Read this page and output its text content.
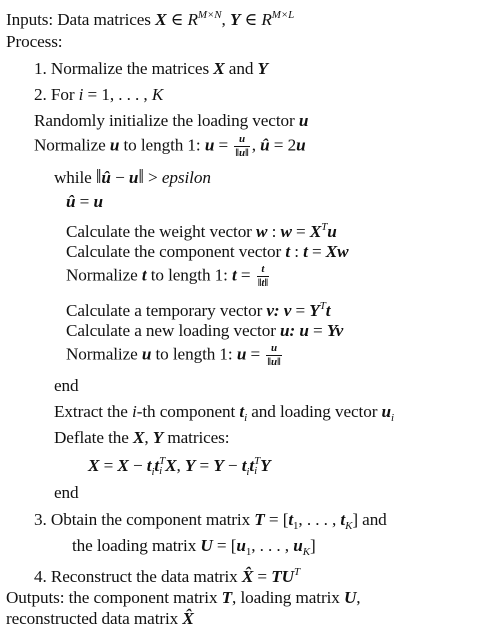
Inputs: Data matrices X ∈ $R^{M\times N}$, Y ∈ $R^{M\times L}$
Process:
1. Normalize the matrices X and Y
2. For i = 1, . . . , K
Randomly initialize the loading vector u
Normalize u to length 1: $u = \frac{u}{‖u‖}$ , û = 2u
while ‖û − u‖ > epsilon
û = u
Calculate the weight vector w : $w = X^Tu$
Calculate the component vector t : t = Xw
Normalize t to length 1: $t = \frac{t}{‖t‖}$
Calculate a temporary vector v: $v = Y^Tt$
Calculate a new loading vector u: u = Yv
Normalize u to length 1: $u = \frac{u}{‖u‖}$
end
Extract the i-th component $t_i$ and loading vector $u_i$
Deflate the X, Y matrices:
$X = X - t_it$ T
i X, $Y = Y - t_it$ T
i Y
end
3. Obtain the component matrix $T = [t_1$, . . . , $t_K$] and
the loading matrix $U = [u_1$, . . . , $u_K$]
4. Reconstruct the data matrix X̂ = $TU^T$
Outputs: the component matrix T, loading matrix U,
reconstructed data matrix X̂
